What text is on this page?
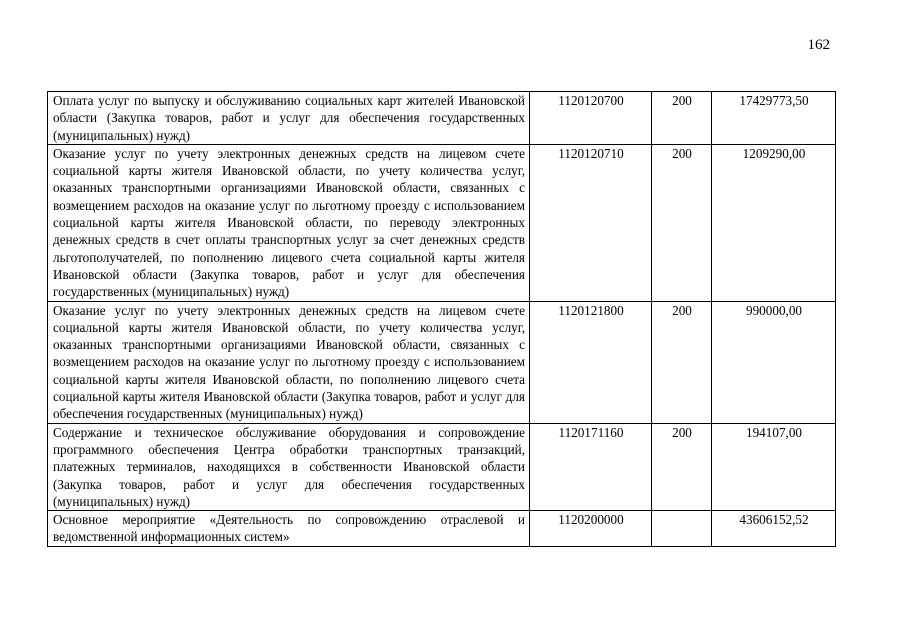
162
Оплата услуг по выпуску и обслуживанию социальных карт жителей Ивановской области (Закупка товаров, работ и услуг для обеспечения государственных (муниципальных) нужд)	1120120700	200	17429773,50
Оказание услуг по учету электронных денежных средств на лицевом счете социальной карты жителя Ивановской области, по учету количества услуг, оказанных транспортными организациями Ивановской области, связанных с возмещением расходов на оказание услуг по льготному проезду с использованием социальной карты жителя Ивановской области, по переводу электронных денежных средств в счет оплаты транспортных услуг за счет денежных средств льготополучателей, по пополнению лицевого счета социальной карты жителя Ивановской области (Закупка товаров, работ и услуг для обеспечения государственных (муниципальных) нужд)	1120120710	200	1209290,00
Оказание услуг по учету электронных денежных средств на лицевом счете социальной карты жителя Ивановской области, по учету количества услуг, оказанных транспортными организациями Ивановской области, связанных с возмещением расходов на оказание услуг по льготному проезду с использованием социальной карты жителя Ивановской области, по пополнению лицевого счета социальной карты жителя Ивановской области (Закупка товаров, работ и услуг для обеспечения государственных (муниципальных) нужд)	1120121800	200	990000,00
Содержание и техническое обслуживание оборудования и сопровождение программного обеспечения Центра обработки транспортных транзакций, платежных терминалов, находящихся в собственности Ивановской области (Закупка товаров, работ и услуг для обеспечения государственных (муниципальных) нужд)	1120171160	200	194107,00
Основное мероприятие «Деятельность по сопровождению отраслевой и ведомственной информационных систем»	1120200000		43606152,52
